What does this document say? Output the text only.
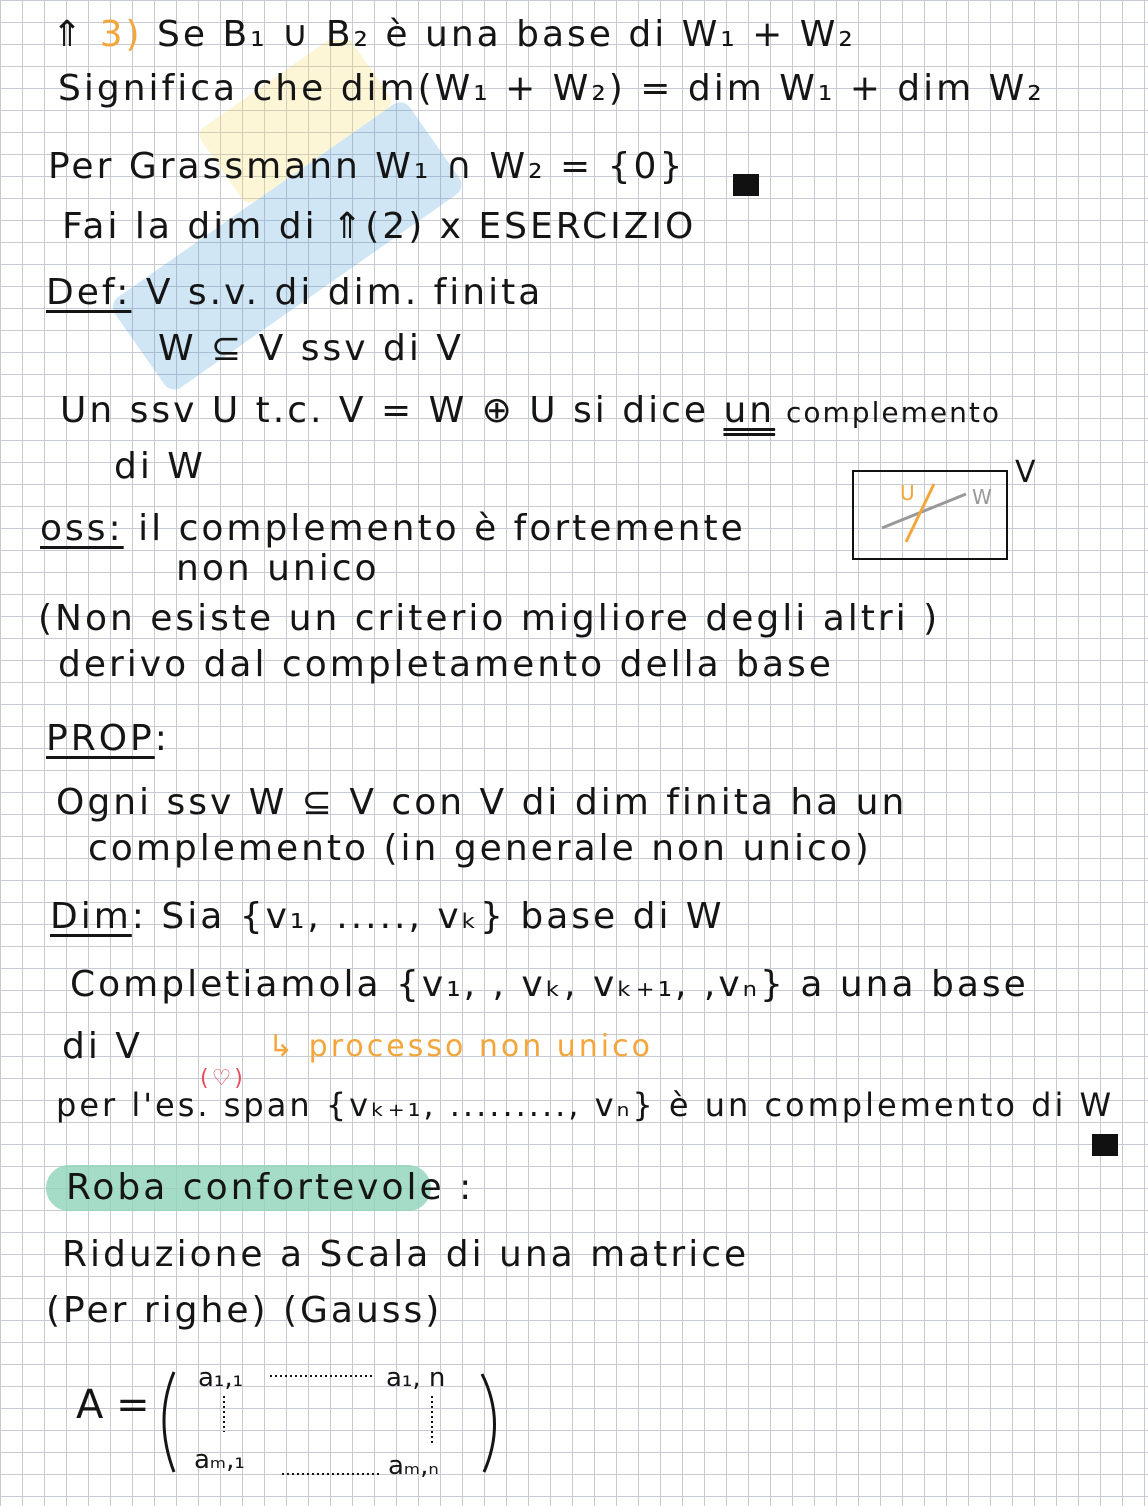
⇑ 3) Se B₁ ∪ B₂ è una base di W₁ + W₂
Significa che dim(W₁ + W₂) = dim W₁ + dim W₂
Per Grassmann W₁ ∩ W₂ = {0}
Fai la dim di ⇑(2) x ESERCIZIO
Def: V s.v. di dim. finita
W ⊆ V ssv di V
Un ssv U t.c. V = W ⊕ U si dice un complemento
di W
U	W
V
oss: il complemento è fortemente
non unico
(Non esiste un criterio migliore degli altri )
derivo dal completamento della base
PROP:
Ogni ssv W ⊆ V con V di dim finita ha un
complemento (in generale non unico)
Dim: Sia {v₁, ....., vₖ} base di W
Completiamola {v₁, , vₖ, vₖ₊₁, ,vₙ} a una base
di V	↳ processo non unico
(♡)
per l'es. span {vₖ₊₁, ........., vₙ} è un complemento di W
Roba confortevole :
Riduzione a Scala di una matrice
(Per righe) (Gauss)
A =
a₁,₁	a₁, n
aₘ,₁	aₘ,ₙ
